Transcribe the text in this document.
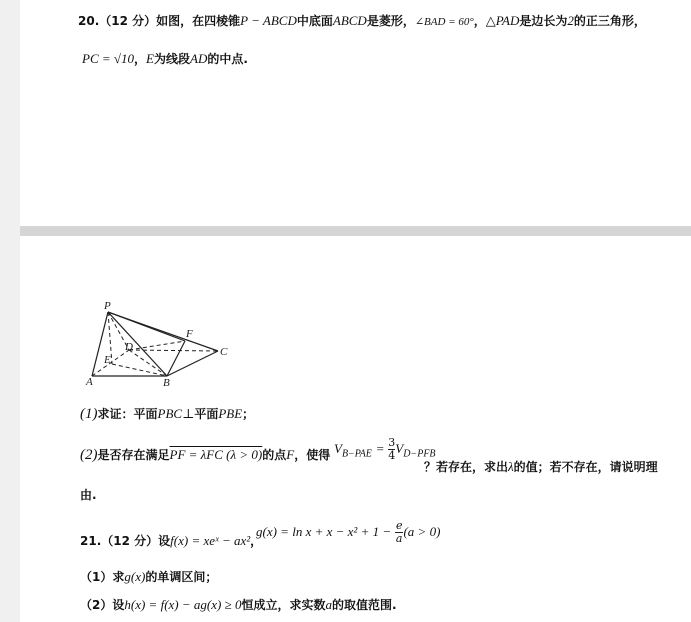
20.（12 分）如图，在四棱锥P − ABCD中底面ABCD是菱形，∠BAD = 60°，△PAD是边长为2的正三角形，
PC = √10，E为线段AD的中点.
P
F
D	C
E
A	B
(1)求证：平面PBC⊥平面PBE；
(2)是否存在满足PF = λFC (λ > 0)的点F，使得 $V_{B-PAE} = \frac{3}{4} V_{D-PFB}$
？若存在，求出λ的值；若不存在，请说明理
由.
21.（12 分）设f(x) = xeˣ − ax²，
$g(x) = \ln x + x - x^2 + 1 - \frac{e}{a} (a > 0)$
（1）求g(x)的单调区间；
（2）设h(x) = f(x) − ag(x) ≥ 0恒成立，求实数a的取值范围.
